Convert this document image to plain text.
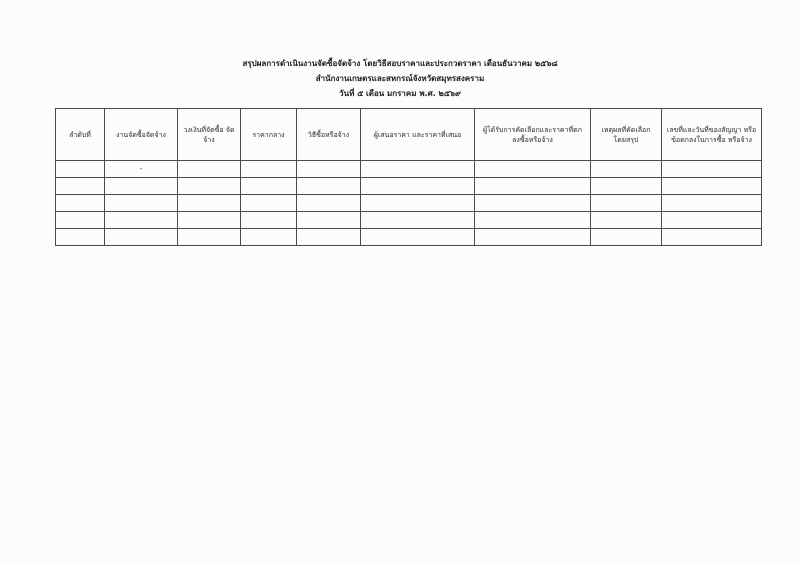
สรุปผลการดำเนินงานจัดซื้อจัดจ้าง โดยวิธีสอบราคาและประกวดราคา เดือนธันวาคม ๒๕๖๘
สำนักงานเกษตรและสหกรณ์จังหวัดสมุทรสงคราม
วันที่ ๕ เดือน มกราคม พ.ศ. ๒๕๖๙
ลำดับที่	งานจัดซื้อจัดจ้าง	วงเงินที่จัดซื้อ จัดจ้าง	ราคากลาง	วิธีซื้อหรือจ้าง	ผู้เสนอราคา และราคาที่เสนอ	ผู้ได้รับการคัดเลือกและราคาที่ตก ลงซื้อหรือจ้าง	เหตุผลที่คัดเลือก โดยสรุป	เลขที่และวันที่ของสัญญา หรือข้อตกลงในการซื้อ หรือจ้าง
	-							
